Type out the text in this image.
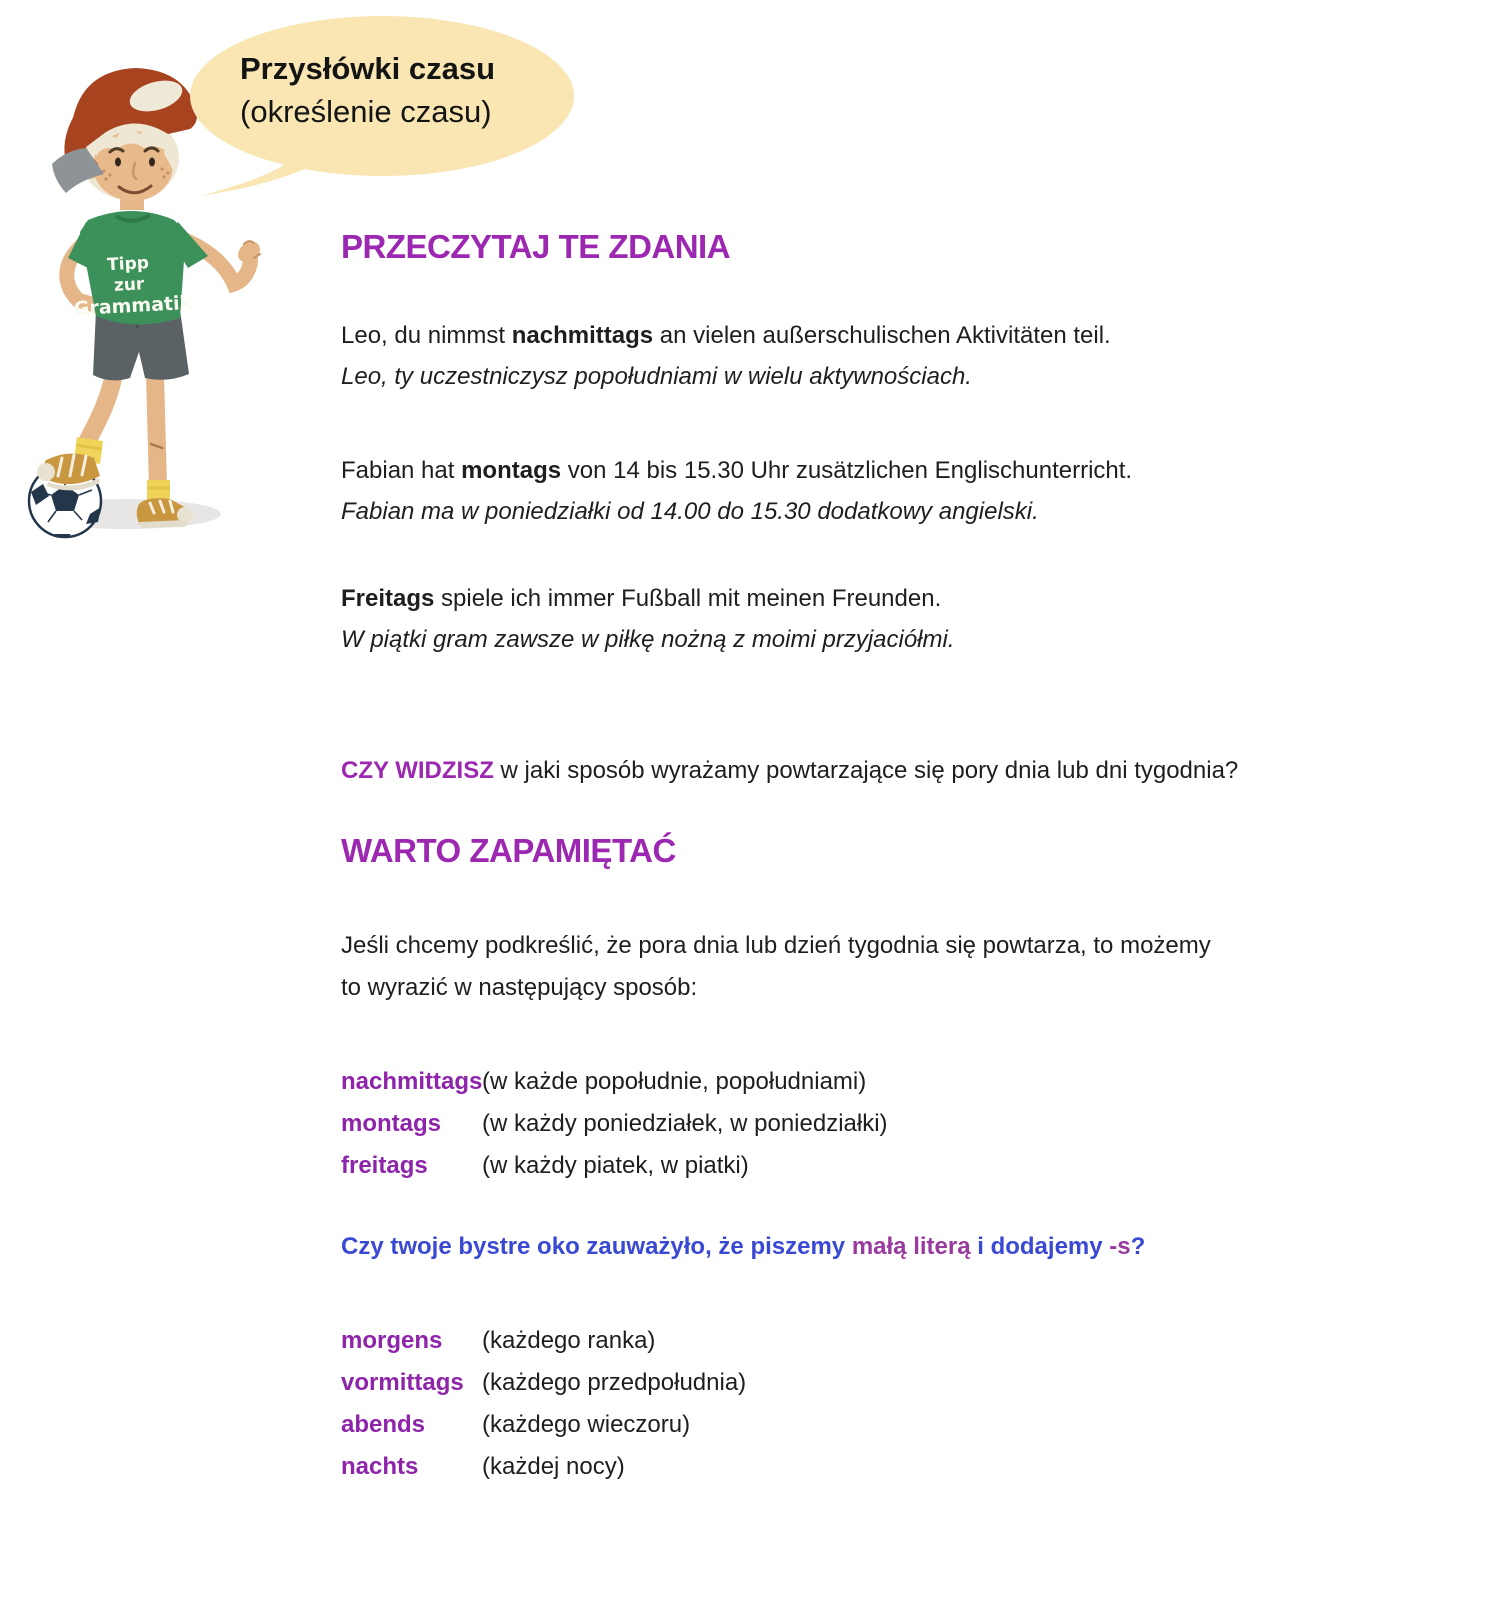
Przysłówki czasu
(określenie czasu)
Tipp zur Grammatik
PRZECZYTAJ TE ZDANIA
Leo, du nimmst nachmittags an vielen außerschulischen Aktivitäten teil.
Leo, ty uczestniczysz popołudniami w wielu aktywnościach.
Fabian hat montags von 14 bis 15.30 Uhr zusätzlichen Englischunterricht.
Fabian ma w poniedziałki od 14.00 do 15.30 dodatkowy angielski.
Freitags spiele ich immer Fußball mit meinen Freunden.
W piątki gram zawsze w piłkę nożną z moimi przyjaciółmi.
CZY WIDZISZ w jaki sposób wyrażamy powtarzające się pory dnia lub dni tygodnia?
WARTO ZAPAMIĘTAĆ
Jeśli chcemy podkreślić, że pora dnia lub dzień tygodnia się powtarza, to możemy
to wyrazić w następujący sposób:
nachmittags (w każde popołudnie, popołudniami)
montags	(w każdy poniedziałek, w poniedziałki)
freitags	(w każdy piatek, w piatki)
Czy twoje bystre oko zauważyło, że piszemy małą literą i dodajemy -s?
morgens	(każdego ranka)
vormittags (każdego przedpołudnia)
abends	(każdego wieczoru)
nachts	(każdej nocy)
